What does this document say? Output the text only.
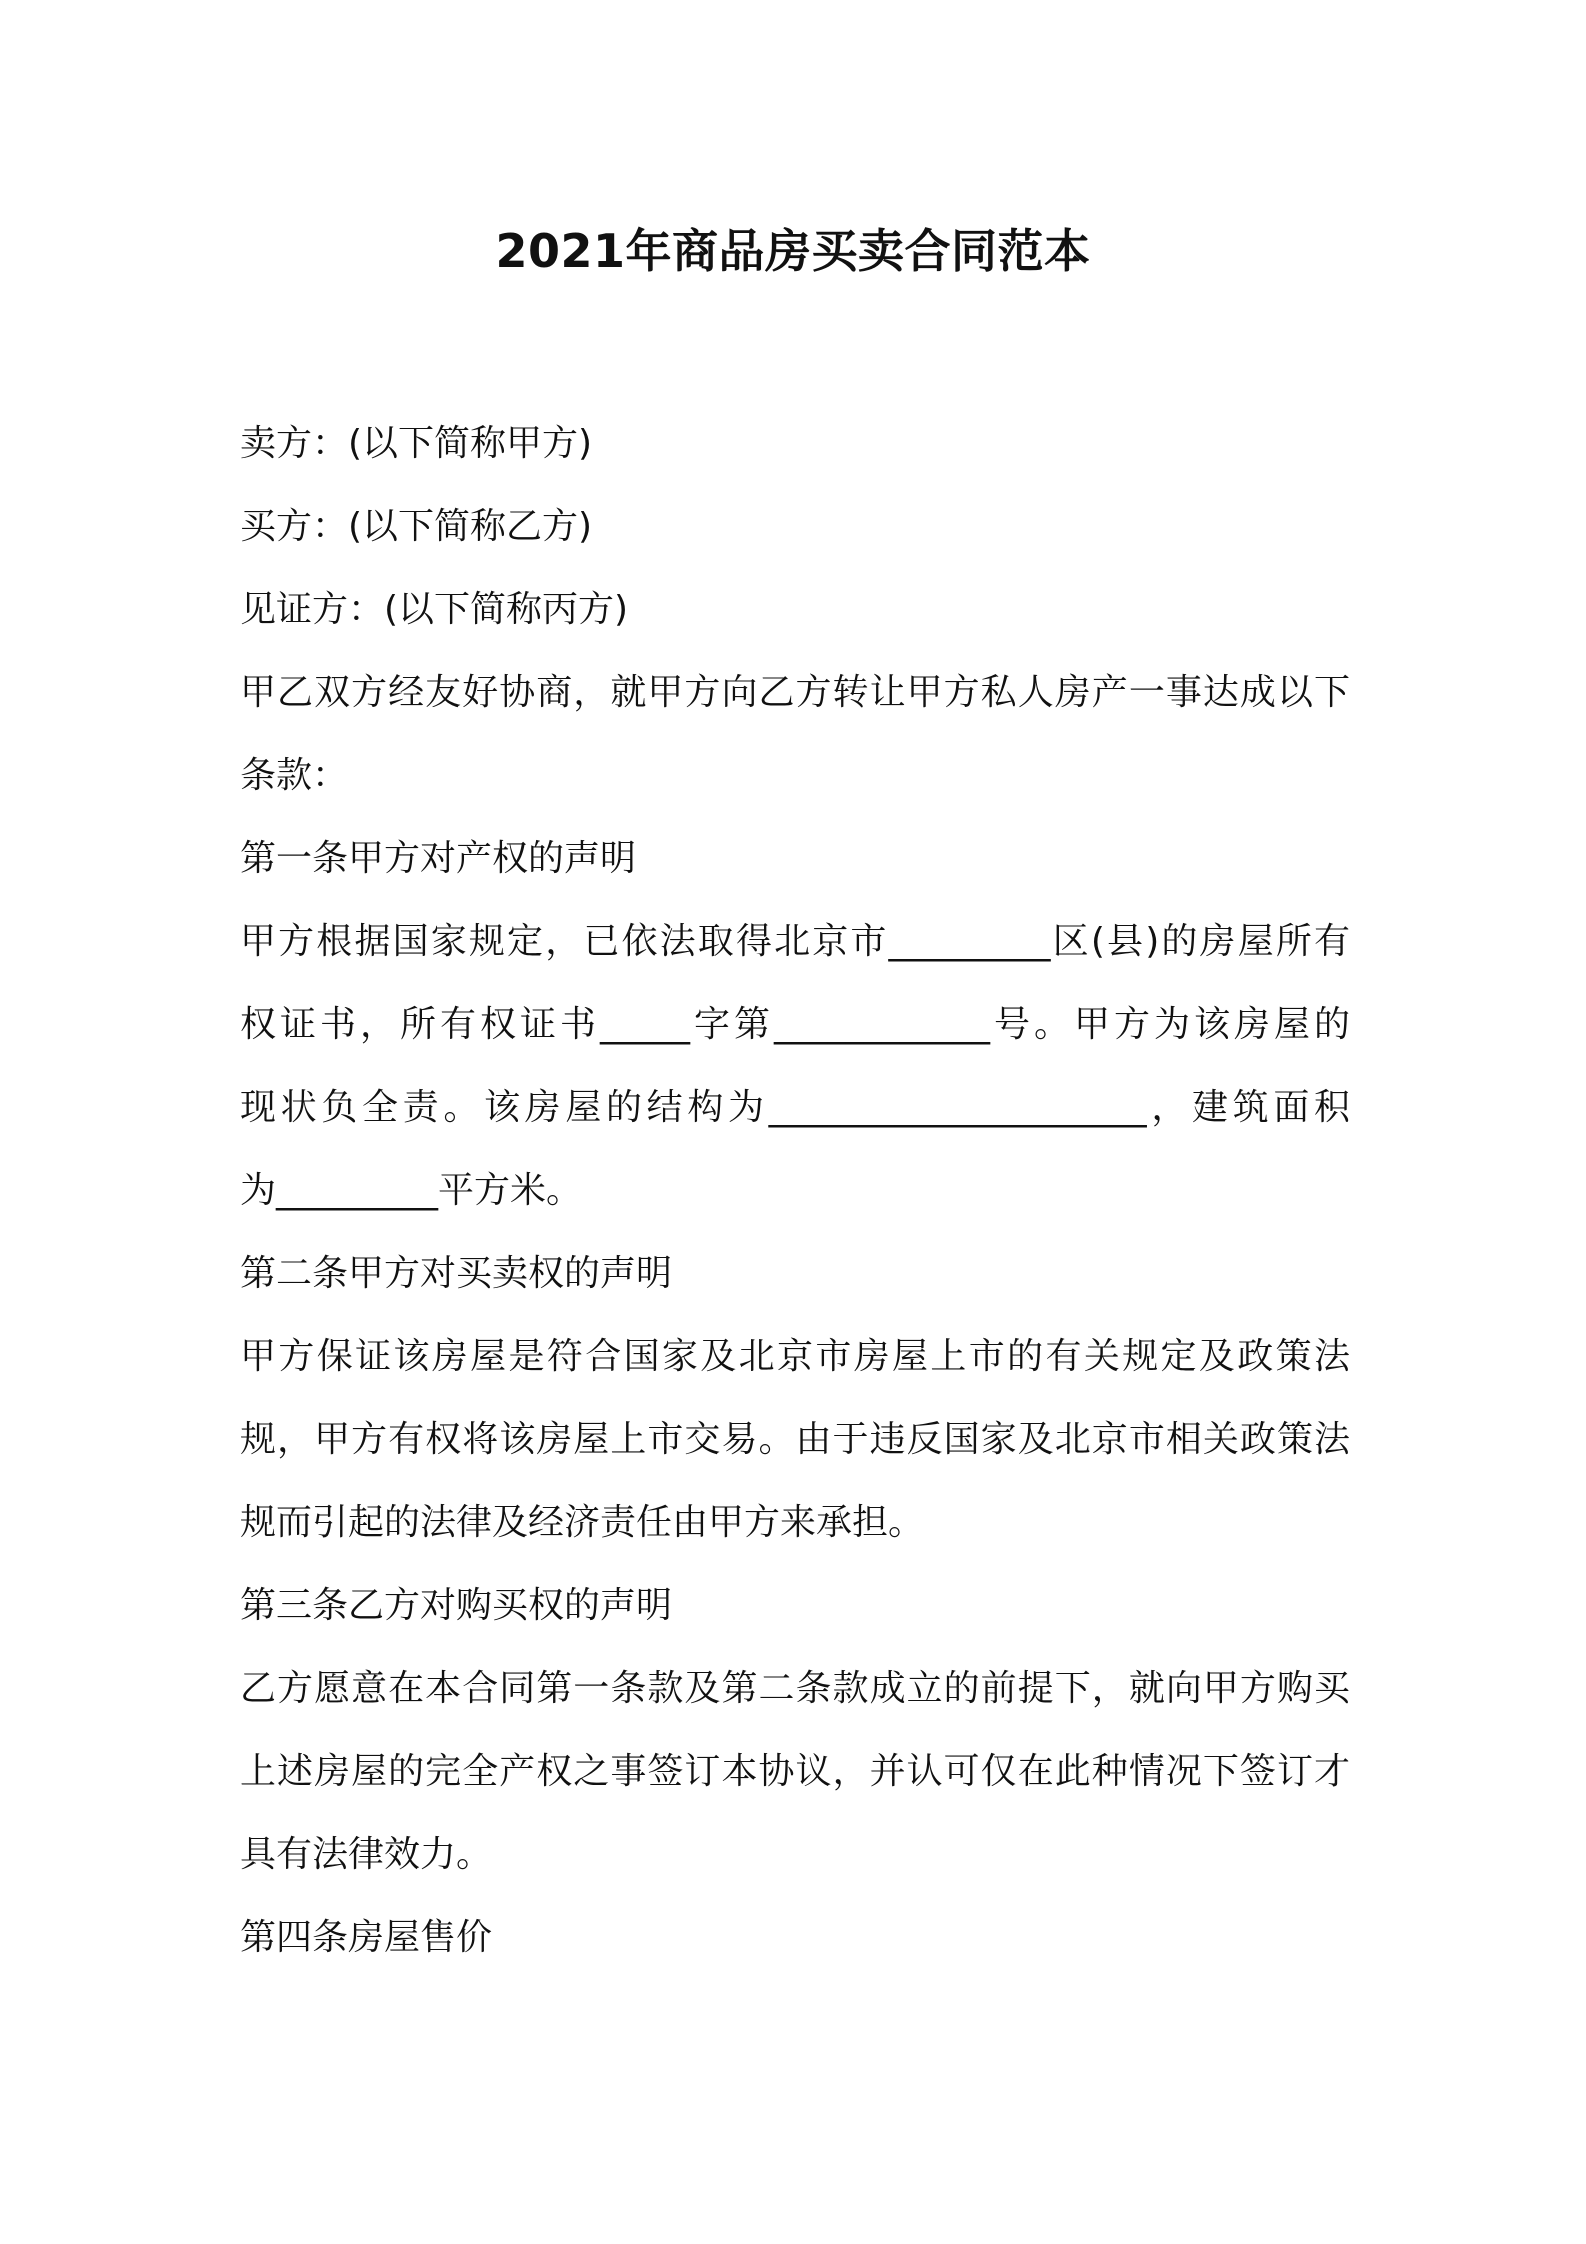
2021年商品房买卖合同范本
卖方：(以下简称甲方)
买方：(以下简称乙方)
见证方：(以下简称丙方)
甲乙双方经友好协商，就甲方向乙方转让甲方私人房产一事达成以下
条款：
第一条甲方对产权的声明
甲方根据国家规定，已依法取得北京市_________区(县)的房屋所有
权证书，所有权证书_____字第____________号。甲方为该房屋的
现状负全责。该房屋的结构为_____________________，建筑面积
为_________平方米。
第二条甲方对买卖权的声明
甲方保证该房屋是符合国家及北京市房屋上市的有关规定及政策法
规，甲方有权将该房屋上市交易。由于违反国家及北京市相关政策法
规而引起的法律及经济责任由甲方来承担。
第三条乙方对购买权的声明
乙方愿意在本合同第一条款及第二条款成立的前提下，就向甲方购买
上述房屋的完全产权之事签订本协议，并认可仅在此种情况下签订才
具有法律效力。
第四条房屋售价
